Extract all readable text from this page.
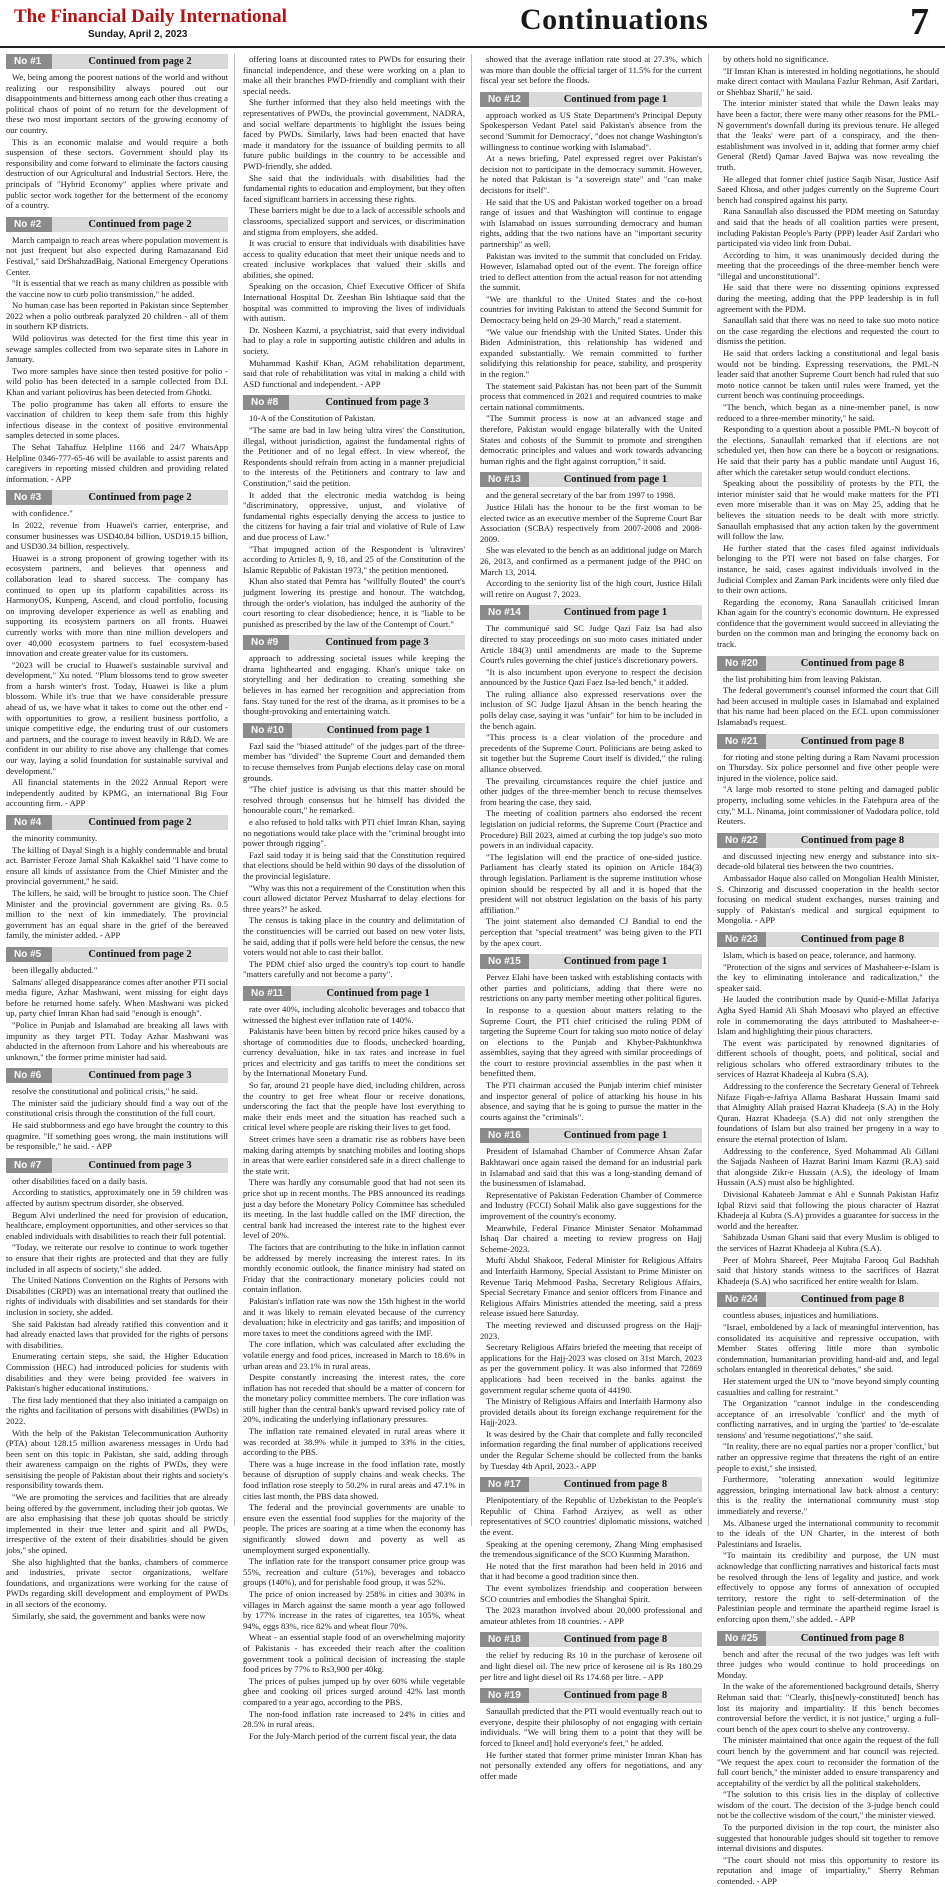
The Financial Daily International
Sunday, April 2, 2023	Continuations	7
No #1	Continued from page 2

We, being among the poorest nations of the world and without realizing our responsibility always poured out our disappointments and bitterness among each other thus creating a political chaos of point of no return for the development of these two most important sectors of the growing economy of our country.

This is an economic malaise and would require a both suspension of these sectors. Government should play its responsibility and come forward to eliminate the factors causing destruction of our Agricultural and Industrial Sectors. Here, the principals of "Hybrid Economy" applies where private and public sector work together for the betterment of the economy of a country.

No #2	Continued from page 2

March campaign to reach areas where population movement is not just frequent but also expected during Ramazanand Eid Festival," said DrShahzadBaig, National Emergency Operations Center.

"It is essential that we reach as many children as possible with the vaccine now to curb polio transmission," he added.

No human case has been reported in Pakistan since September 2022 when a polio outbreak paralyzed 20 children - all of them in southern KP districts.

Wild poliovirus was detected for the first time this year in sewage samples collected from two separate sites in Lahore in January.

Two more samples have since then tested positive for polio - wild polio has been detected in a sample collected from D.I. Khan and variant poliovirus has been detected from Ghotki.

The polio programme has taken all efforts to ensure the vaccination of children to keep them safe from this highly infectious disease in the context of positive environmental samples detected in some places.

The Sehat Tahaffuz Helpline 1166 and 24/7 WhatsApp Helpline 0346-777-65-46 will be available to assist parents and caregivers in reporting missed children and providing related information. - APP

No #3	Continued from page 2

with confidence."

In 2022, revenue from Huawei's carrier, enterprise, and consumer businesses was USD40.84 billion, USD19.15 billion, and USD30.34 billion, respectively.

Huawei is a strong proponent of growing together with its ecosystem partners, and believes that openness and collaboration lead to shared success. The company has continued to open up its platform capabilities across its HarmonyOS, Kunpeng, Ascend, and cloud portfolio, focusing on improving developer experience as well as enabling and supporting its ecosystem partners on all fronts. Huawei currently works with more than nine million developers and over 40,000 ecosystem partners to fuel ecosystem-based innovation and create greater value for its customers.

"2023 will be crucial to Huawei's sustainable survival and development," Xu noted. "Plum blossoms tend to grow sweeter from a harsh winter's frost. Today, Huawei is like a plum blossom. While it's true that we have considerable pressure ahead of us, we have what it takes to come out the other end - with opportunities to grow, a resilient business portfolio, a unique competitive edge, the enduring trust of our customers and partners, and the courage to invest heavily in R&D. We are confident in our ability to rise above any challenge that comes our way, laying a solid foundation for sustainable survival and development."

All financial statements in the 2022 Annual Report were independently audited by KPMG, an international Big Four accounting firm. - APP

No #4	Continued from page 2

the minority community.

The killing of Dayal Singh is a highly condemnable and brutal act. Barrister Feroze Jamal Shah Kakakhel said "I have come to ensure all kinds of assistance from the Chief Minister and the provincial government," he said.

The killers, he said, will be brought to justice soon. The Chief Minister and the provincial government are giving Rs. 0.5 million to the next of kin immediately. The provincial government has an equal share in the grief of the bereaved family, the minister added. - APP

No #5	Continued from page 2

been illegally abducted."

Salmans' alleged disappearance comes after another PTI social media figure, Azhar Mashwani, went missing for eight days before he returned home safely. When Mashwani was picked up, party chief Imran Khan had said "enough is enough".

"Police in Punjab and Islamabad are breaking all laws with impunity as they target PTI. Today Azhar Mashwani was abducted in the afternoon from Lahore and his whereabouts are unknown," the former prime minister had said.

No #6	Continued from page 3

resolve the constitutional and political crisis," he said.

The minister said the judiciary should find a way out of the constitutional crisis through the constitution of the full court.

He said stubbornness and ego have brought the country to this quagmire. "If something goes wrong, the main institutions will be responsible," he said. - APP

No #7	Continued from page 3

other disabilities faced on a daily basis.

According to statistics, approximately one in 59 children was affected by autism spectrum disorder, she observed.

Begum Alvi underlined the need for provision of education, healthcare, employment opportunities, and other services so that enabled individuals with disabilities to reach their full potential.

"Today, we reiterate our resolve to continue to work together to ensure that their rights are protected and that they are fully included in all aspects of society," she added.

The United Nations Convention on the Rights of Persons with Disabilities (CRPD) was an international treaty that outlined the rights of individuals with disabilities and set standards for their inclusion in society, she added.

She said Pakistan had already ratified this convention and it had already enacted laws that provided for the rights of persons with disabilities.

Enumerating certain steps, she said, the Higher Education Commission (HEC) had introduced policies for students with disabilities and they were being provided fee waivers in Pakistan's higher educational institutions.

The first lady mentioned that they also initiated a campaign on the rights and facilitation of persons with disabilities (PWDs) in 2022.

With the help of the Pakistan Telecommunication Authority (PTA) about 128.15 million awareness messages in Urdu had been sent on this topic in Pakistan, she said, adding through their awareness campaign on the rights of PWDs, they were sensitising the people of Pakistan about their rights and society's responsibility towards them.

"We are promoting the services and facilities that are already being offered by the government, including their job quotas. We are also emphasising that these job quotas should be strictly implemented in their true letter and spirit and all PWDs, irrespective of the extent of their disabilities should be given jobs," she opined.

She also highlighted that the banks, chambers of commerce and industries, private sector organizations, welfare foundations, and organizations were working for the cause of PWDs regarding skill development and employment of PWDs in all sectors of the economy.

Similarly, she said, the government and banks were now

offering loans at discounted rates to PWDs for ensuring their financial independence, and these were working on a plan to make all their branches PWD-friendly and compliant with their special needs.

She further informed that they also held meetings with the representatives of PWDs, the provincial government, NADRA, and social welfare departments to highlight the issues being faced by PWDs. Similarly, laws had been enacted that have made it mandatory for the issuance of building permits to all future public buildings in the country to be accessible and PWD-friendly, she added.

She said that the individuals with disabilities had the fundamental rights to education and employment, but they often faced significant barriers in accessing these rights.

These barriers might be due to a lack of accessible schools and classrooms, specialized support and services, or discrimination and stigma from employers, she added.

It was crucial to ensure that individuals with disabilities have access to quality education that meet their unique needs and to created inclusive workplaces that valued their skills and abilities, she opined.

Speaking on the occasion, Chief Executive Officer of Shifa International Hospital Dr. Zeeshan Bin Ishtiaque said that the hospital was committed to improving the lives of individuals with autism.

Dr. Nosheen Kazmi, a psychiatrist, said that every individual had to play a role in supporting autistic children and adults in society.

Muhammad Kashif Khan, AGM rehabilitation department, said that role of rehabilitation was vital in making a child with ASD functional and independent. - APP

No #8	Continued from page 3

10-A of the Constitution of Pakistan.

"The same are bad in law being 'ultra vires' the Constitution, illegal, without jurisdiction, against the fundamental rights of the Petitioner and of no legal effect. In view whereof, the Respondents should refrain from acting in a manner prejudicial to the interests of the Petitioners and contrary to law and Constitution," said the petition.

It added that the electronic media watchdog is being "discriminatory, oppressive, unjust, and violative of fundamental rights especially denying the access to justice to the citizens for having a fair trial and violative of Rule of Law and due process of Law."

"That impugned action of the Respondent is 'ultravires' according to Articles 8, 9, 18, and 25 of the Constitution of the Islamic Republic of Pakistan 1973," the petition mentioned.

Khan also stated that Pemra has "willfully flouted" the court's judgment lowering its prestige and honour. The watchdog, through the order's violation, has indulged the authority of the court resorting to clear disobedience; hence, it is "liable to be punished as prescribed by the law of the Contempt of Court."

No #9	Continued from page 3

approach to addressing societal issues while keeping the drama lighthearted and engaging. Khan's unique take on storytelling and her dedication to creating something she believes in has earned her recognition and appreciation from fans. Stay tuned for the rest of the drama, as it promises to be a thought-provoking and entertaining watch.

No #10	Continued from page 1

Fazl said the "biased attitude" of the judges part of the three-member has "divided" the Supreme Court and demanded them to recuse themselves from Punjab elections delay case on moral grounds.

"The chief justice is advising us that this matter should be resolved through consensus but he himself has divided the honourable court," he remarked.

e also refused to hold talks with PTI chief Imran Khan, saying no negotiations would take place with the "criminal brought into power through rigging".

Fazl said today it is being said that the Constitution required that elections should be held within 90 days of the dissolution of the provincial legislature.

"Why was this not a requirement of the Constitution when this court allowed dictator Pervez Musharraf to delay elections for three years?" he asked.

The census is taking place in the country and delimitation of the constituencies will be carried out based on new voter lists, he said, adding that if polls were held before the census, the new voters would not able to cast their ballot.

The PDM chief also urged the country's top court to handle "matters carefully and not become a party".

No #11	Continued from page 1

rate over 40%, including alcoholic beverages and tobacco that witnessed the highest ever inflation rate of 140%.

Pakistanis have been bitten by record price hikes caused by a shortage of commodities due to floods, unchecked hoarding, currency devaluation, hike in tax rates and increase in fuel prices and electricity and gas tariffs to meet the conditions set by the International Monetary Fund.

So far, around 21 people have died, including children, across the country to get free wheat flour or receive donations, underscoring the fact that the people have lost everything to make their ends meet and the situation has reached such a critical level where people are risking their lives to get food.

Street crimes have seen a dramatic rise as robbers have been making daring attempts by snatching mobiles and looting shops in areas that were earlier considered safe in a direct challenge to the state writ.

There was hardly any consumable good that had not seen its price shot up in recent months. The PBS announced its readings just a day before the Monetary Policy Committee has scheduled its meeting. In the last huddle called on the IMF direction, the central bank had increased the interest rate to the highest ever level of 20%.

The factors that are contributing to the hike in inflation cannot be addressed by merely increasing the interest rates. In its monthly economic outlook, the finance ministry had stated on Friday that the contractionary monetary policies could not contain inflation.

Pakistan's inflation rate was now the 15th highest in the world and it was likely to remain elevated because of the currency devaluation; hike in electricity and gas tariffs; and imposition of more taxes to meet the conditions agreed with the IMF.

The core inflation, which was calculated after excluding the volatile energy and food prices, increased in March to 18.6% in urban areas and 23.1% in rural areas.

Despite constantly increasing the interest rates, the core inflation has not receded that should be a matter of concern for the monetary policy committee members. The core inflation was still higher than the central bank's upward revised policy rate of 20%, indicating the underlying inflationary pressures.

The inflation rate remained elevated in rural areas where it was recorded at 38.9% while it jumped to 33% in the cities, according to the PBS.

There was a huge increase in the food inflation rate, mostly because of disruption of supply chains and weak checks. The food inflation rose steeply to 50.2% in rural areas and 47.1% in cities last month, the PBS data showed.

The federal and the provincial governments are unable to ensure even the essential food supplies for the majority of the people. The prices are soaring at a time when the economy has significantly slowed down and poverty as well as unemployment surged exponentially.

The inflation rate for the transport consumer price group was 55%, recreation and culture (51%), beverages and tobacco groups (140%), and for perishable food group, it was 52%.

The price of onion increased by 258% in cities and 303% in villages in March against the same month a year ago followed by 177% increase in the rates of cigarettes, tea 105%, wheat 94%, eggs 83%, rice 82% and wheat flour 70%.

Wheat - an essential staple food of an overwhelming majority of Pakistanis - has exceeded their reach after the coalition government took a political decision of increasing the staple food prices by 77% to Rs3,900 per 40kg.

The prices of pulses jumped up by over 60% while vegetable ghee and cooking oil prices surged around 42% last month compared to a year ago, according to the PBS.

The non-food inflation rate increased to 24% in cities and 28.5% in rural areas.

For the July-March period of the current fiscal year, the data

showed that the average inflation rate stood at 27.3%, which was more than double the official target of 11.5% for the current fiscal year set before the floods.

No #12	Continued from page 1

approach worked as US State Department's Principal Deputy Spokesperson Vedant Patel said Pakistan's absence from the second 'Summit for Democracy', "does not change Washington's willingness to continue working with Islamabad".

At a news briefing, Patel expressed regret over Pakistan's decision not to participate in the democracy summit. However, he noted that Pakistan is "a sovereign state" and "can make decisions for itself".

He said that the US and Pakistan worked together on a broad range of issues and that Washington will continue to engage with Islamabad on issues surrounding democracy and human rights, adding that the two nations have an "important security partnership" as well.

Pakistan was invited to the summit that concluded on Friday. However, Islamabad opted out of the event. The foreign office tried to deflect attention from the actual reason for not attending the summit.

"We are thankful to the United States and the co-host countries for inviting Pakistan to attend the Second Summit for Democracy being held on 29-30 March," read a statement.

"We value our friendship with the United States. Under this Biden Administration, this relationship has widened and expanded substantially. We remain committed to further solidifying this relationship for peace, stability, and prosperity in the region."

The statement said Pakistan has not been part of the Summit process that commenced in 2021 and required countries to make certain national commitments.

"The Summit process is now at an advanced stage and therefore, Pakistan would engage bilaterally with the United States and cohosts of the Summit to promote and strengthen democratic principles and values and work towards advancing human rights and the fight against corruption," it said.

No #13	Continued from page 1

and the general secretary of the bar from 1997 to 1998.

Justice Hilali has the honour to be the first woman to be elected twice as an executive member of the Supreme Court Bar Association (SCBA) respectively from 2007-2008 and 2008-2009.

She was elevated to the bench as an additional judge on March 26, 2013, and confirmed as a permanent judge of the PHC on March 13, 2014.

According to the seniority list of the high court, Justice Hilali will retire on August 7, 2023.

No #14	Continued from page 1

The communiqué said SC Judge Qazi Faiz Isa had also directed to stay proceedings on suo moto cases initiated under Article 184(3) until amendments are made to the Supreme Court's rules governing the chief justice's discretionary powers.

"It is also incumbent upon everyone to respect the decision announced by the Justice Qazi Faez Isa-led bench," it added.

The ruling alliance also expressed reservations over the inclusion of SC Judge Ijazul Ahsan in the bench hearing the polls delay case, saying it was "unfair" for him to be included in the bench again.

"This process is a clear violation of the procedure and precedents of the Supreme Court. Politicians are being asked to sit together but the Supreme Court itself is divided," the ruling alliance observed.

The prevailing circumstances require the chief justice and other judges of the three-member bench to recuse themselves from hearing the case, they said.

The meeting of coalition partners also endorsed the recent legislation on judicial reforms, the Supreme Court (Practice and Procedure) Bill 2023, aimed at curbing the top judge's suo moto powers in an individual capacity.

"The legislation will end the practice of one-sided justice. Parliament has clearly stated its opinion on Article 184(3) through legislation. Parliament is the supreme institution whose opinion should be respected by all and it is hoped that the president will not obstruct legislation on the basis of his party affiliation."

The joint statement also demanded CJ Bandial to end the perception that "special treatment" was being given to the PTI by the apex court.

No #15	Continued from page 1

Pervez Elahi have been tasked with establishing contacts with other parties and politicians, adding that there were no restrictions on any party member meeting other political figures.

In response to a question about matters relating to the Supreme Court, the PTI chief criticised the ruling PDM of targeting the Supreme Court for taking suo moto notice of delay on elections to the Punjab and Khyber-Pakhtunkhwa assemblies, saying that they agreed with similar proceedings of the court to restore provincial assemblies in the past when it benefitted them.

The PTI chairman accused the Punjab interim chief minister and inspector general of police of attacking his house in his absence, and saying that he is going to pursue the matter in the courts against the "criminals".

No #16	Continued from page 1

President of Islamabad Chamber of Commerce Ahsan Zafar Bakhtawari once again raised the demand for an industrial park in Islamabad and said that this was a long-standing demand of the businessmen of Islamabad.

Representative of Pakistan Federation Chamber of Commerce and Industry (FCCI) Sohail Malik also gave suggestions for the improvement of the country's economy.

Meanwhile, Federal Finance Minister Senator Mohammad Ishaq Dar chaired a meeting to review progress on Hajj Scheme-2023.

Mufti Abdul Shakoor, Federal Minister for Religious Affairs and Interfaith Harmony, Special Assistant to Prime Minister on Revenue Tariq Mehmood Pasha, Secretary Religious Affairs, Special Secretary Finance and senior officers from Finance and Religious Affairs Ministries attended the meeting, said a press release issued here Saturday.

The meeting reviewed and discussed progress on the Hajj-2023.

Secretary Religious Affairs briefed the meeting that receipt of applications for the Hajj-2023 was closed on 31st March, 2023 as per the government policy. It was also informed that 72869 applications had been received in the banks against the government regular scheme quota of 44190.

The Ministry of Religious Affairs and Interfaith Harmony also provided details about its foreign exchange requirement for the Hajj-2023.

It was desired by the Chair that complete and fully reconciled information regarding the final number of applications received under the Regular Scheme should be collected from the banks by Tuesday 4th April, 2023.- APP

No #17	Continued from page 8

Plenipotentiary of the Republic of Uzbekistan to the People's Republic of China Farhod Arziyev, as well as other representatives of SCO countries' diplomatic missions, watched the event.

Speaking at the opening ceremony, Zhang Ming emphasised the tremendous significance of the SCO Kunming Marathon.

He noted that the first marathon had been held in 2016 and that it had become a good tradition since then.

The event symbolizes friendship and cooperation between SCO countries and embodies the Shanghai Spirit.

The 2023 marathon involved about 20,000 professional and amateur athletes from 18 countries. - APP

No #18	Continued from page 8

the relief by reducing Rs 10 in the purchase of kerosene oil and light diesel oil. The new price of kerosene oil is Rs 180.29 per litre and light diesel oil Rs 174.68 per litre. - APP

No #19	Continued from page 8

Sanaullah predicted that the PTI would eventually reach out to everyone, despite their philosophy of not engaging with certain individuals. "We will bring them to a point that they will be forced to [kneel and] hold everyone's feet," he added.

He further stated that former prime minister Imran Khan has not personally extended any offers for negotiations, and any offer made

by others hold no significance.

"If Imran Khan is interested in holding negotiations, he should make direct contact with Maulana Fazlur Rehman, Asif Zardari, or Shehbaz Sharif," he said.

The interior minister stated that while the Dawn leaks may have been a factor, there were many other reasons for the PML-N government's downfall during its previous tenure. He alleged that the 'leaks' were part of a conspiracy, and the then-establishment was involved in it, adding that former army chief General (Retd) Qamar Javed Bajwa was now revealing the truth.

He alleged that former chief justice Saqib Nisar, Justice Asif Saeed Khosa, and other judges currently on the Supreme Court bench had conspired against his party.

Rana Sanaullah also discussed the PDM meeting on Saturday and said that the heads of all coalition parties were present, including Pakistan People's Party (PPP) leader Asif Zardari who participated via video link from Dubai.

According to him, it was unanimously decided during the meeting that the proceedings of the three-member bench were "illegal and unconstitutional".

He said that there were no dissenting opinions expressed during the meeting, adding that the PPP leadership is in full agreement with the PDM.

Sanaullah said that there was no need to take suo moto notice on the case regarding the elections and requested the court to dismiss the petition.

He said that orders lacking a constitutional and legal basis would not be binding. Expressing reservations, the PML-N leader said that another Supreme Court bench had ruled that suo moto notice cannot be taken until rules were framed, yet the current bench was continuing proceedings.

"The bench, which began as a nine-member panel, is now reduced to a three-member minority," he said.

Responding to a question about a possible PML-N boycott of the elections, Sanaullah remarked that if elections are not scheduled yet, then how can there be a boycott or resignations. He said that their party has a public mandate until August 16, after which the caretaker setup would conduct elections.

Speaking about the possibility of protests by the PTI, the interior minister said that he would make matters for the PTI even more miserable than it was on May 25, adding that he believes the situation needs to be dealt with more strictly. Sanaullah emphasised that any action taken by the government will follow the law.

He further stated that the cases filed against individuals belonging to the PTI were not based on false charges. For instance, he said, cases against individuals involved in the Judicial Complex and Zaman Park incidents were only filed due to their own actions.

Regarding the economy, Rana Sanaullah criticised Imran Khan again for the country's economic downturn. He expressed confidence that the government would succeed in alleviating the burden on the common man and bringing the economy back on track.

No #20	Continued from page 8

the list prohibiting him from leaving Pakistan.

The federal government's counsel informed the court that Gill had been accused in multiple cases in Islamabad and explained that his name had been placed on the ECL upon commissioner Islamabad's request.

No #21	Continued from page 8

for rioting and stone pelting during a Ram Navami procession on Thursday. Six police personnel and five other people were injured in the violence, police said.

"A large mob resorted to stone pelting and damaged public property, including some vehicles in the Fatehpura area of the city," M.L. Ninama, joint commissioner of Vadodara police, told Reuters.

No #22	Continued from page 8

and discussed injecting new energy and substance into six-decade-old bilateral ties between the two countries.

Ambassador Haque also called on Mongolian Health Minister, S. Chinzorig and discussed cooperation in the health sector focusing on medical student exchanges, nurses training and supply of Pakistan's medical and surgical equipment to Mongolia. - APP

No #23	Continued from page 8

Islam, which is based on peace, tolerance, and harmony.

"Protection of the signs and services of Mashaheer-e-Islam is the key to eliminating intolerance and radicalization," the speaker said.

He lauded the contribution made by Quaid-e-Millat Jafariya Agha Syed Hamid Ali Shah Moosavi who played an effective role in commemorating the days attributed to Mashaheer-e-Islam and highlighting their pious characters.

The event was participated by renowned dignitaries of different schools of thought, poets, and political, social and religious scholars who offered extraordinary tributes to the services of Hazrat Khadeeja al Kubra (S.A).

Addressing to the conference the Secretary General of Tehreek Nifaze Fiqah-e-Jafriya Allama Basharat Hussain Imami said that Almighty Allah praised Hazrat Khadeeja (S.A) in the Holy Quran. Hazrat Khadeeja (S.A) did not only strengthen the foundations of Islam but also trained her progeny in a way to ensure the eternal protection of Islam.

Addressing to the conference, Syed Mohammad Ali Gillani the Sajjada Nasheen of Hazrat Barini Imam Kazmi (R.A) said that alongside Zikr-e Hussain (A.S), the ideology of Imam Hussain (A.S) must also be highlighted.

Divisional Kahateeb Jammat e Ahl e Sunnah Pakistan Hafiz Iqbal Rizvi said that following the pious character of Hazrat Khadeeja al Kubra (S.A) provides a guarantee for success in the world and the hereafter.

Sahibzada Usman Ghani said that every Muslim is obliged to the services of Hazrat Khadeeja al Kubra (S.A).

Peer of Mohra Shareef, Peer Mujtaba Farooq Gul Badshah said that history stands witness to the sacrifices of Hazrat Khadeeja (S.A) who sacrificed her entire wealth for Islam.

No #24	Continued from page 8

countless abuses, injustices and humiliations.

"Israel, emboldened by a lack of meaningful intervention, has consolidated its acquisitive and repressive occupation, with Member States offering little more than symbolic condemnation, humanitarian providing hand-aid and, and legal scholars entangled in theoretical debates," she said.

Her statement urged the UN to "move beyond simply counting casualties and calling for restraint."

The Organization "cannot indulge in the condescending acceptance of an irresolvable 'conflict' and the myth of conflicting narratives, and in urging the 'parties' to 'de-escalate tensions' and 'resume negotiations'," she said.

"In reality, there are no equal parties nor a proper 'conflict,' but rather an oppressive regime that threatens the right of an entire people to exist," she insisted.

Furthermore, "tolerating annexation would legitimize aggression, bringing international law back almost a century: this is the reality the international community must stop immediately and reverse."

Ms. Albanese urged the international community to recommit to the ideals of the UN Charter, in the interest of both Palestinians and Israelis.

"To maintain its credibility and purpose, the UN must acknowledge that conflicting narratives and historical facts must be resolved through the lens of legality and justice, and work effectively to oppose any forms of annexation of occupied territory, restore the right to self-determination of the Palestinian people and terminate the apartheid regime Israel is enforcing upon them," she added. - APP

No #25	Continued from page 8

bench and after the recusal of the two judges was left with three judges who would continue to hold proceedings on Monday.

In the wake of the aforementioned background details, Sherry Rehman said that: "Clearly, this[newly-constituted] bench has lost its majority and impartiality. If this bench becomes controversial before the verdict, it is not justice," urging a full-court bench of the apex court to shelve any controversy.

The minister maintained that once again the request of the full court bench by the government and bar council was rejected. "We request the apex court to reconsider the formation of the full court bench," the minister added to ensure transparency and acceptability of the verdict by all the political stakeholders.

"The solution to this crisis lies in the display of collective wisdom of the court. The decision of the 3-judge bench could not be the collective wisdom of the court," the minister viewed.

To the purported division in the top court, the minister also suggested that honourable judges should sit together to remove internal divisions and disputes.

"The court should not miss this opportunity to restore its reputation and image of impartiality," Sherry Rehman contended. - APP
